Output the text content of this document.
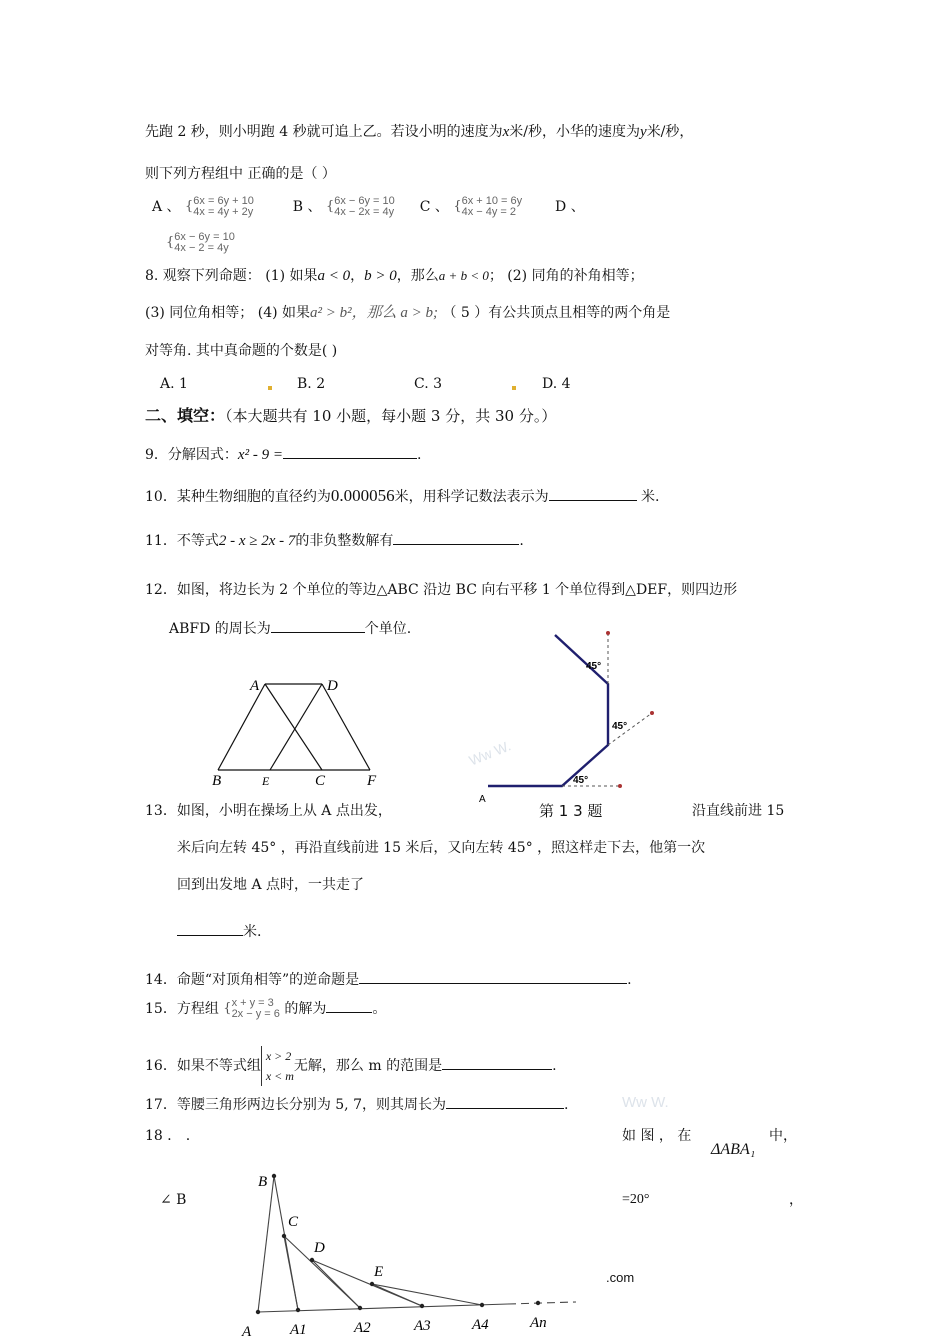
先跑 2 秒，则小明跑 4 秒就可追上乙。若设小明的速度为x米/秒，小华的速度为y米/秒，
则下列方程组中 正确的是（ ）
A 、 {6x = 6y + 10
4x = 4y + 2y	B 、 {6x − 6y = 10
4x − 2x = 4y C 、 {6x + 10 = 6y
4x − 4y = 2	D 、
{6x − 6y = 10
4x − 2 = 4y
8. 观察下列命题： (1) 如果a < 0，b > 0，那么a + b < 0； (2) 同角的补角相等；
(3) 同位角相等； (4) 如果a² > b²，那么 a > b; （ 5 ）有公共顶点且相等的两个角是
对等角. 其中真命题的个数是( )
A. 1	B. 2	C. 3	D. 4
二、填空：（本大题共有 10 小题，每小题 3 分，共 30 分。）
9．分解因式：x² - 9 =	.
10．某种生物细胞的直径约为0.000056米，用科学记数法表示为	米.
11．不等式2 - x ≥ 2x - 7的非负整数解有	.
12．如图，将边长为 2 个单位的等边△ABC 沿边 BC 向右平移 1 个单位得到△DEF，则四边形
ABFD 的周长为	个单位.
A	D
B	E	C	F	45°
45°
45°
A
Ww W.
13．如图，小明在操场上从 A 点出发，	第 1 3 题	沿直线前进 15
米后向左转 45° ，再沿直线前进 15 米后，又向左转 45° ，照这样走下去，他第一次
回到出发地 A 点时，一共走了
米.
14．命题“对顶角相等”的逆命题是	.
15．方程组 {x + y = 3
2x − y = 6 的解为	。
16．如果不等式组x > 2
x < m无解，那么 m 的范围是	.
17．等腰三角形两边长分别为 5, 7，则其周长为	.	Ww W.
18 ． .	如 图 ， 在
ΔABA₁
中，
∠ B	=20°	，
.com
B
C
D
E
A	A1	A2	A3	A4	An
